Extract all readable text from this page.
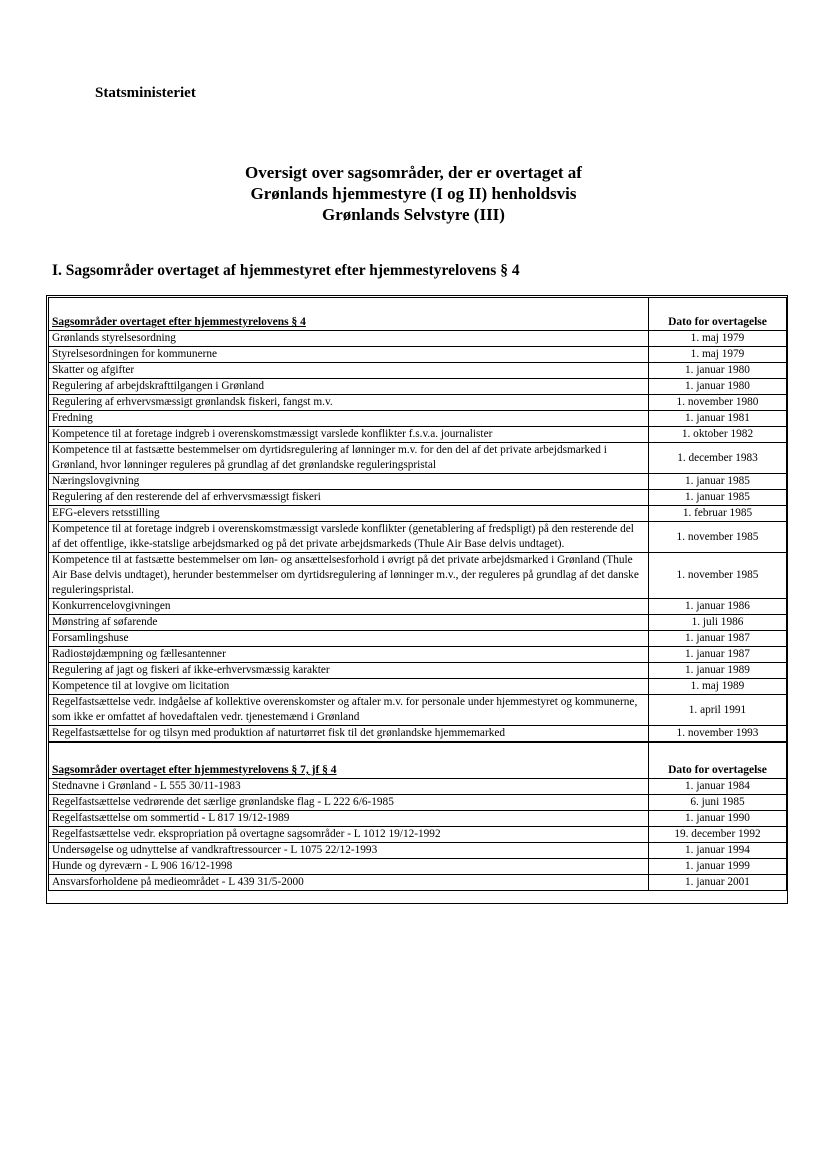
Statsministeriet
Oversigt over sagsområder, der er overtaget af
Grønlands hjemmestyre (I og II) henholdsvis
Grønlands Selvstyre (III)
I. Sagsområder overtaget af hjemmestyret efter hjemmestyrelovens § 4
Sagsområder overtaget efter hjemmestyrelovens § 4	Dato for overtagelse
Grønlands styrelsesordning	1. maj 1979
Styrelsesordningen for kommunerne	1. maj 1979
Skatter og afgifter	1. januar 1980
Regulering af arbejdskrafttilgangen i Grønland	1. januar 1980
Regulering af erhvervsmæssigt grønlandsk fiskeri, fangst m.v.	1. november 1980
Fredning	1. januar 1981
Kompetence til at foretage indgreb i overenskomstmæssigt varslede konflikter f.s.v.a. journalister	1. oktober 1982
Kompetence til at fastsætte bestemmelser om dyrtidsregulering af lønninger m.v. for den del af det private arbejdsmarked i Grønland, hvor lønninger reguleres på grundlag af det grønlandske reguleringspristal	1. december 1983
Næringslovgivning	1. januar 1985
Regulering af den resterende del af erhvervsmæssigt fiskeri	1. januar 1985
EFG-elevers retsstilling	1. februar 1985
Kompetence til at foretage indgreb i overenskomstmæssigt varslede konflikter (genetablering af fredspligt) på den resterende del af det offentlige, ikke-statslige arbejdsmarked og på det private arbejdsmarkeds (Thule Air Base delvis undtaget).	1. november 1985
Kompetence til at fastsætte bestemmelser om løn- og ansættelsesforhold i øvrigt på det private arbejdsmarked i Grønland (Thule Air Base delvis undtaget), herunder bestemmelser om dyrtidsregulering af lønninger m.v., der reguleres på grundlag af det danske reguleringspristal.	1. november 1985
Konkurrencelovgivningen	1. januar 1986
Mønstring af søfarende	1. juli 1986
Forsamlingshuse	1. januar 1987
Radiostøjdæmpning og fællesantenner	1. januar 1987
Regulering af jagt og fiskeri af ikke-erhvervsmæssig karakter	1. januar 1989
Kompetence til at lovgive om licitation	1. maj 1989
Regelfastsættelse vedr. indgåelse af kollektive overenskomster og aftaler m.v. for personale under hjemmestyret og kommunerne, som ikke er omfattet af hovedaftalen vedr. tjenestemænd i Grønland	1. april 1991
Regelfastsættelse for og tilsyn med produktion af naturtørret fisk til det grønlandske hjemmemarked	1. november 1993
Sagsområder overtaget efter hjemmestyrelovens § 7, jf § 4	Dato for overtagelse
Stednavne i Grønland - L 555 30/11-1983	1. januar 1984
Regelfastsættelse vedrørende det særlige grønlandske flag - L 222 6/6-1985	6. juni 1985
Regelfastsættelse om sommertid - L 817 19/12-1989	1. januar 1990
Regelfastsættelse vedr. ekspropriation på overtagne sagsområder - L 1012 19/12-1992	19. december 1992
Undersøgelse og udnyttelse af vandkraftressourcer - L 1075 22/12-1993	1. januar 1994
Hunde og dyreværn - L 906 16/12-1998	1. januar 1999
Ansvarsforholdene på medieområdet - L 439 31/5-2000	1. januar 2001
